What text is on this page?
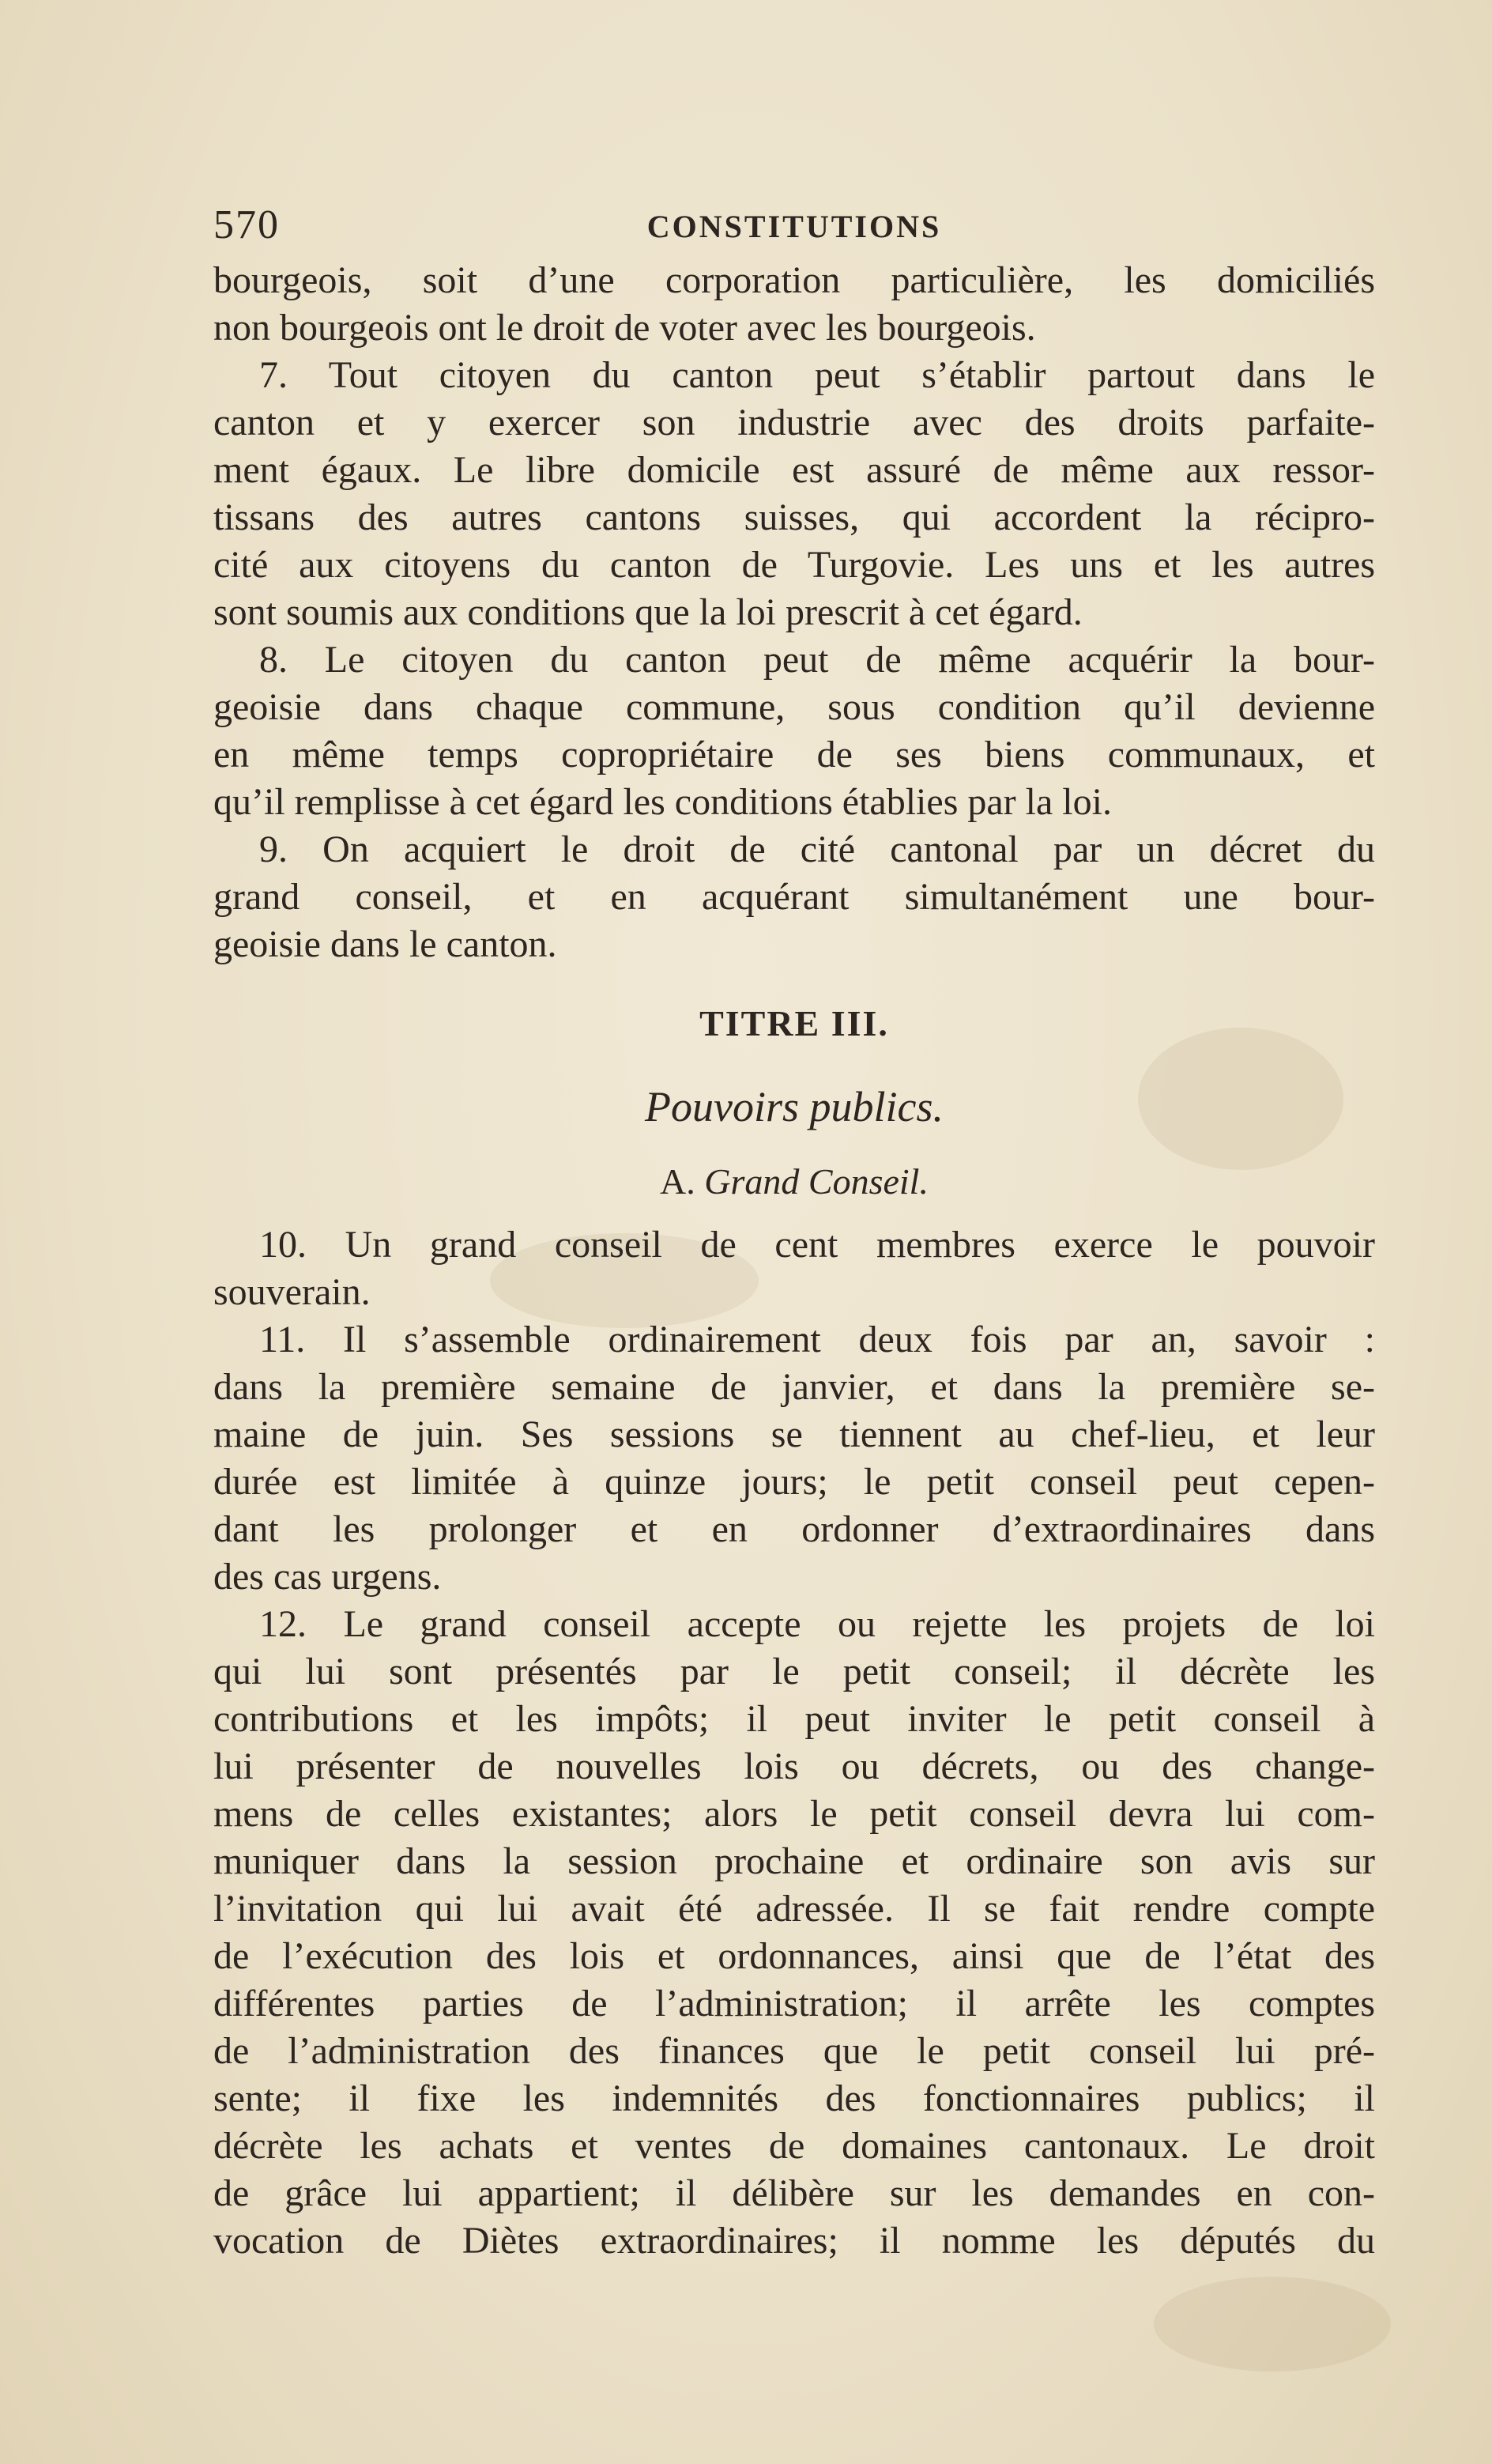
570	CONSTITUTIONS
bourgeois, soit d’une corporation particulière, les domiciliés
non bourgeois ont le droit de voter avec les bourgeois.
7. Tout citoyen du canton peut s’établir partout dans le
canton et y exercer son industrie avec des droits parfaite-
ment égaux. Le libre domicile est assuré de même aux ressor-
tissans des autres cantons suisses, qui accordent la récipro-
cité aux citoyens du canton de Turgovie. Les uns et les autres
sont soumis aux conditions que la loi prescrit à cet égard.
8. Le citoyen du canton peut de même acquérir la bour-
geoisie dans chaque commune, sous condition qu’il devienne
en même temps copropriétaire de ses biens communaux, et
qu’il remplisse à cet égard les conditions établies par la loi.
9. On acquiert le droit de cité cantonal par un décret du
grand conseil, et en acquérant simultanément une bour-
geoisie dans le canton.
TITRE III.
Pouvoirs publics.
A. Grand Conseil.
10. Un grand conseil de cent membres exerce le pouvoir
souverain.
11. Il s’assemble ordinairement deux fois par an, savoir :
dans la première semaine de janvier, et dans la première se-
maine de juin. Ses sessions se tiennent au chef-lieu, et leur
durée est limitée à quinze jours; le petit conseil peut cepen-
dant les prolonger et en ordonner d’extraordinaires dans
des cas urgens.
12. Le grand conseil accepte ou rejette les projets de loi
qui lui sont présentés par le petit conseil; il décrète les
contributions et les impôts; il peut inviter le petit conseil à
lui présenter de nouvelles lois ou décrets, ou des change-
mens de celles existantes; alors le petit conseil devra lui com-
muniquer dans la session prochaine et ordinaire son avis sur
l’invitation qui lui avait été adressée. Il se fait rendre compte
de l’exécution des lois et ordonnances, ainsi que de l’état des
différentes parties de l’administration; il arrête les comptes
de l’administration des finances que le petit conseil lui pré-
sente; il fixe les indemnités des fonctionnaires publics; il
décrète les achats et ventes de domaines cantonaux. Le droit
de grâce lui appartient; il délibère sur les demandes en con-
vocation de Diètes extraordinaires; il nomme les députés du
